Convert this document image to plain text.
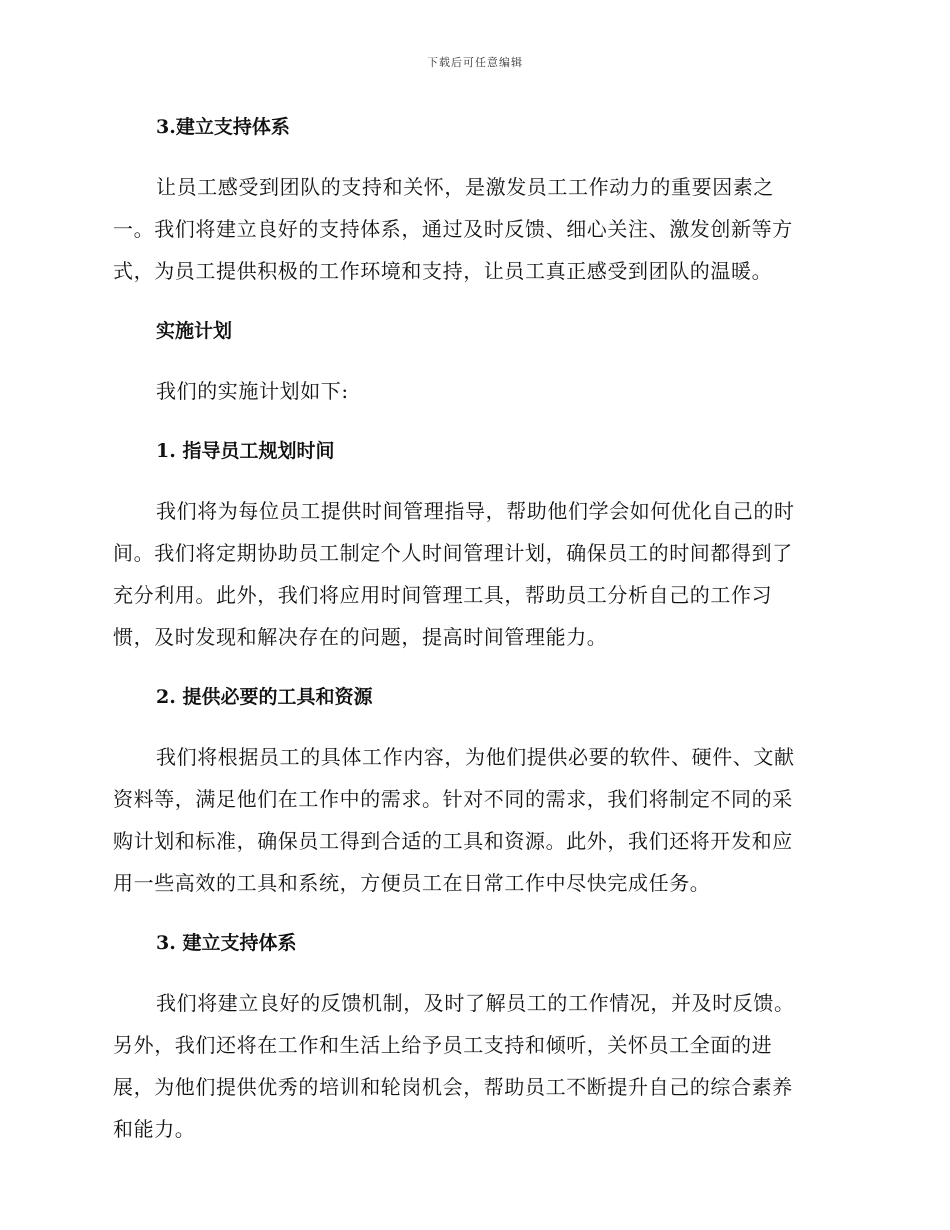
下载后可任意编辑
3.建立支持体系

让员工感受到团队的支持和关怀，是激发员工工作动力的重要因素之
一。我们将建立良好的支持体系，通过及时反馈、细心关注、激发创新等方
式，为员工提供积极的工作环境和支持，让员工真正感受到团队的温暖。

实施计划

我们的实施计划如下:

1. 指导员工规划时间

我们将为每位员工提供时间管理指导，帮助他们学会如何优化自己的时
间。我们将定期协助员工制定个人时间管理计划，确保员工的时间都得到了
充分利用。此外，我们将应用时间管理工具，帮助员工分析自己的工作习
惯，及时发现和解决存在的问题，提高时间管理能力。

2. 提供必要的工具和资源

我们将根据员工的具体工作内容，为他们提供必要的软件、硬件、文献
资料等，满足他们在工作中的需求。针对不同的需求，我们将制定不同的采
购计划和标准，确保员工得到合适的工具和资源。此外，我们还将开发和应
用一些高效的工具和系统，方便员工在日常工作中尽快完成任务。

3. 建立支持体系

我们将建立良好的反馈机制，及时了解员工的工作情况，并及时反馈。
另外，我们还将在工作和生活上给予员工支持和倾听，关怀员工全面的进
展，为他们提供优秀的培训和轮岗机会，帮助员工不断提升自己的综合素养
和能力。
